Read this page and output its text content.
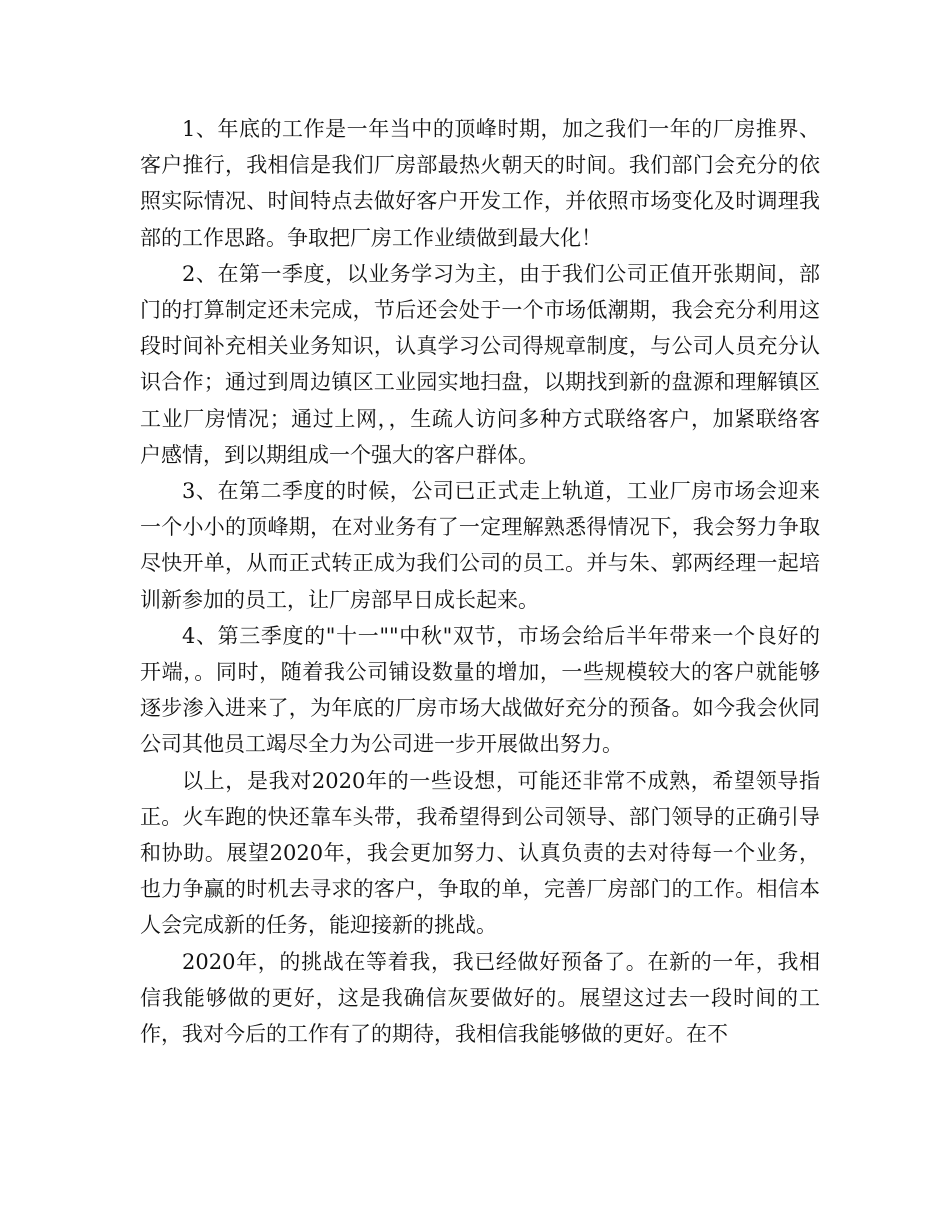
1、年底的工作是一年当中的顶峰时期，加之我们一年的厂房推界、客户推行，我相信是我们厂房部最热火朝天的时间。我们部门会充分的依照实际情况、时间特点去做好客户开发工作，并依照市场变化及时调理我部的工作思路。争取把厂房工作业绩做到最大化！

2、在第一季度，以业务学习为主，由于我们公司正值开张期间，部门的打算制定还未完成，节后还会处于一个市场低潮期，我会充分利用这段时间补充相关业务知识，认真学习公司得规章制度，与公司人员充分认识合作；通过到周边镇区工业园实地扫盘，以期找到新的盘源和理解镇区工业厂房情况；通过上网，，生疏人访问多种方式联络客户，加紧联络客户感情，到以期组成一个强大的客户群体。

3、在第二季度的时候，公司已正式走上轨道，工业厂房市场会迎来一个小小的顶峰期，在对业务有了一定理解熟悉得情况下，我会努力争取尽快开单，从而正式转正成为我们公司的员工。并与朱、郭两经理一起培训新参加的员工，让厂房部早日成长起来。

4、第三季度的"十一""中秋"双节，市场会给后半年带来一个良好的开端，。同时，随着我公司铺设数量的增加，一些规模较大的客户就能够逐步渗入进来了，为年底的厂房市场大战做好充分的预备。如今我会伙同公司其他员工竭尽全力为公司进一步开展做出努力。

以上，是我对2020年的一些设想，可能还非常不成熟，希望领导指正。火车跑的快还靠车头带，我希望得到公司领导、部门领导的正确引导和协助。展望2020年，我会更加努力、认真负责的去对待每一个业务，也力争赢的时机去寻求的客户，争取的单，完善厂房部门的工作。相信本人会完成新的任务，能迎接新的挑战。

2020年，的挑战在等着我，我已经做好预备了。在新的一年，我相信我能够做的更好，这是我确信灰要做好的。展望这过去一段时间的工作，我对今后的工作有了的期待，我相信我能够做的更好。在不
